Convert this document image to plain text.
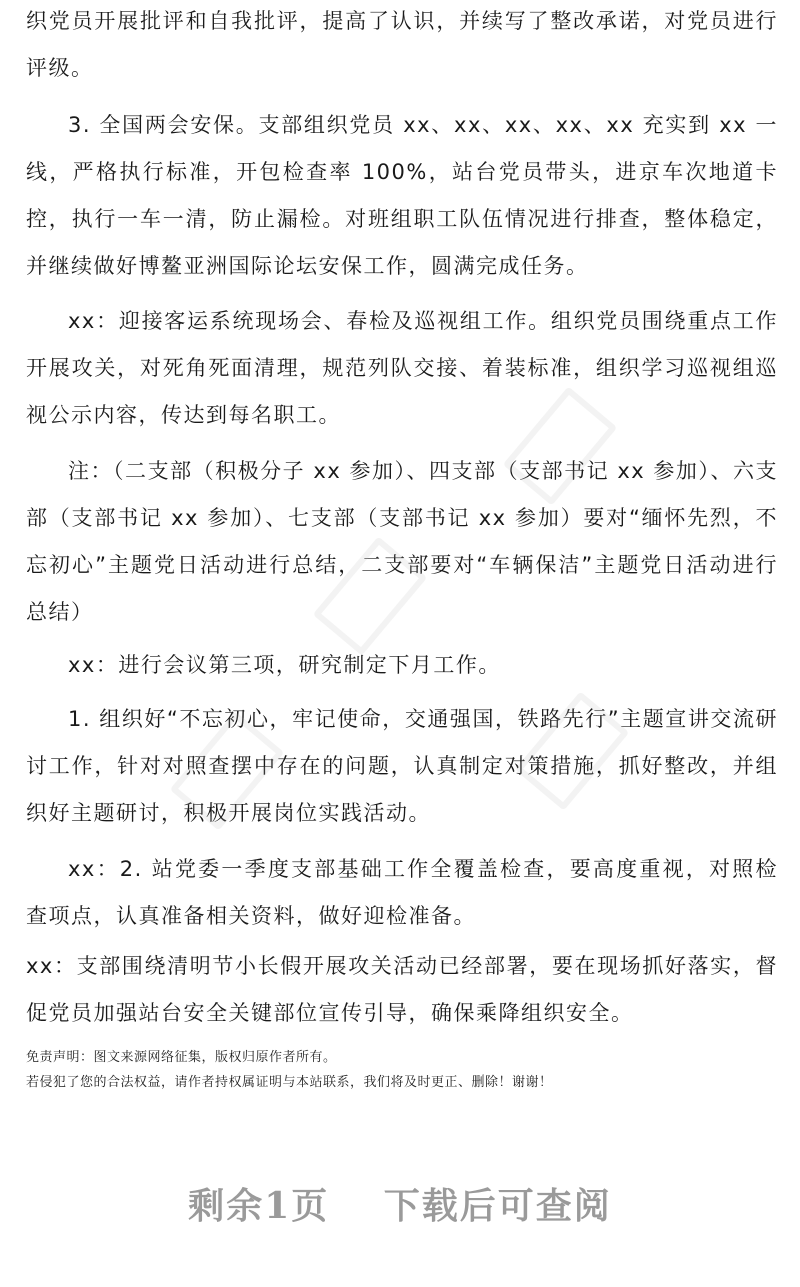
织党员开展批评和自我批评，提高了认识，并续写了整改承诺，对党员进行评级。

3. 全国两会安保。支部组织党员 xx、xx、xx、xx、xx 充实到 xx 一线，严格执行标准，开包检查率 100%，站台党员带头，进京车次地道卡控，执行一车一清，防止漏检。对班组职工队伍情况进行排查，整体稳定，并继续做好博鳌亚洲国际论坛安保工作，圆满完成任务。

xx：迎接客运系统现场会、春检及巡视组工作。组织党员围绕重点工作开展攻关，对死角死面清理，规范列队交接、着装标准，组织学习巡视组巡视公示内容，传达到每名职工。

注：（二支部（积极分子 xx 参加）、四支部（支部书记 xx 参加）、六支部（支部书记 xx 参加）、七支部（支部书记 xx 参加）要对“缅怀先烈，不忘初心”主题党日活动进行总结，二支部要对“车辆保洁”主题党日活动进行总结）

xx：进行会议第三项，研究制定下月工作。

1. 组织好“不忘初心，牢记使命，交通强国，铁路先行”主题宣讲交流研讨工作，针对对照查摆中存在的问题，认真制定对策措施，抓好整改，并组织好主题研讨，积极开展岗位实践活动。

xx：2. 站党委一季度支部基础工作全覆盖检查，要高度重视，对照检查项点，认真准备相关资料，做好迎检准备。

xx：支部围绕清明节小长假开展攻关活动已经部署，要在现场抓好落实，督促党员加强站台安全关键部位宣传引导，确保乘降组织安全。

免责声明：图文来源网络征集，版权归原作者所有。
若侵犯了您的合法权益，请作者持权属证明与本站联系，我们将及时更正、删除！谢谢！
剩余1页 下载后可查阅
